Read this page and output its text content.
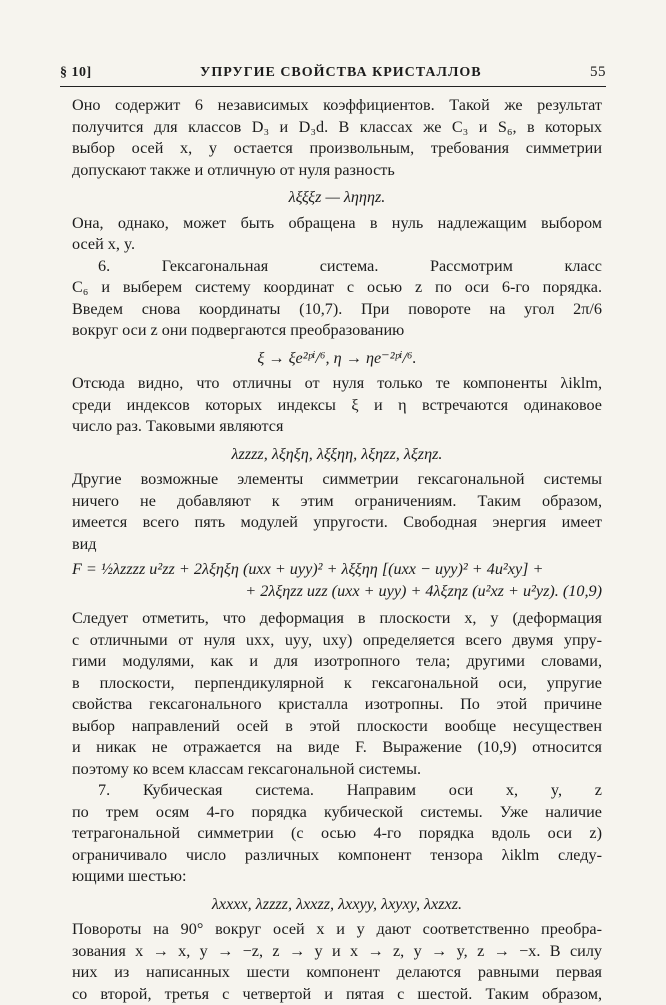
§ 10]	УПРУГИЕ СВОЙСТВА КРИСТАЛЛОВ	55
Оно содержит 6 независимых коэффициентов. Такой же результат
получится для классов D₃ и D₃d. В классах же C₃ и S₆, в которых
выбор осей x, y остается произвольным, требования симметрии
допускают также и отличную от нуля разность
λξξξz — ληηηz.
Она, однако, может быть обращена в нуль надлежащим выбором
осей x, y.
6. Гексагональная система. Рассмотрим класс
C₆ и выберем систему координат с осью z по оси 6-го порядка.
Введем снова координаты (10,7). При повороте на угол 2π/6
вокруг оси z они подвергаются преобразованию
ξ → ξe²ᵖⁱ/⁶, η → ηe⁻²ᵖⁱ/⁶.
Отсюда видно, что отличны от нуля только те компоненты λiklm,
среди индексов которых индексы ξ и η встречаются одинаковое
число раз. Таковыми являются
λzzzz, λξηξη, λξξηη, λξηzz, λξzηz.
Другие возможные элементы симметрии гексагональной системы
ничего не добавляют к этим ограничениям. Таким образом,
имеется всего пять модулей упругости. Свободная энергия имеет
вид
F = ½λzzzz u²zz + 2λξηξη (uxx + uyy)² + λξξηη [(uxx − uyy)² + 4u²xy] +
+ 2λξηzz uzz (uxx + uyy) + 4λξzηz (u²xz + u²yz). (10,9)
Следует отметить, что деформация в плоскости x, y (деформация
с отличными от нуля uxx, uyy, uxy) определяется всего двумя упру-
гими модулями, как и для изотропного тела; другими словами,
в плоскости, перпендикулярной к гексагональной оси, упругие
свойства гексагонального кристалла изотропны. По этой причине
выбор направлений осей в этой плоскости вообще несуществен
и никак не отражается на виде F. Выражение (10,9) относится
поэтому ко всем классам гексагональной системы.
7. Кубическая система. Направим оси x, y, z
по трем осям 4-го порядка кубической системы. Уже наличие
тетрагональной симметрии (с осью 4-го порядка вдоль оси z)
ограничивало число различных компонент тензора λiklm следу-
ющими шестью:
λxxxx, λzzzz, λxxzz, λxxyy, λxyxy, λxzxz.
Повороты на 90° вокруг осей x и y дают соответственно преобра-
зования x → x, y → −z, z → y и x → z, y → y, z → −x. В силу
них из написанных шести компонент делаются равными первая
со второй, третья с четвертой и пятая с шестой. Таким образом,
